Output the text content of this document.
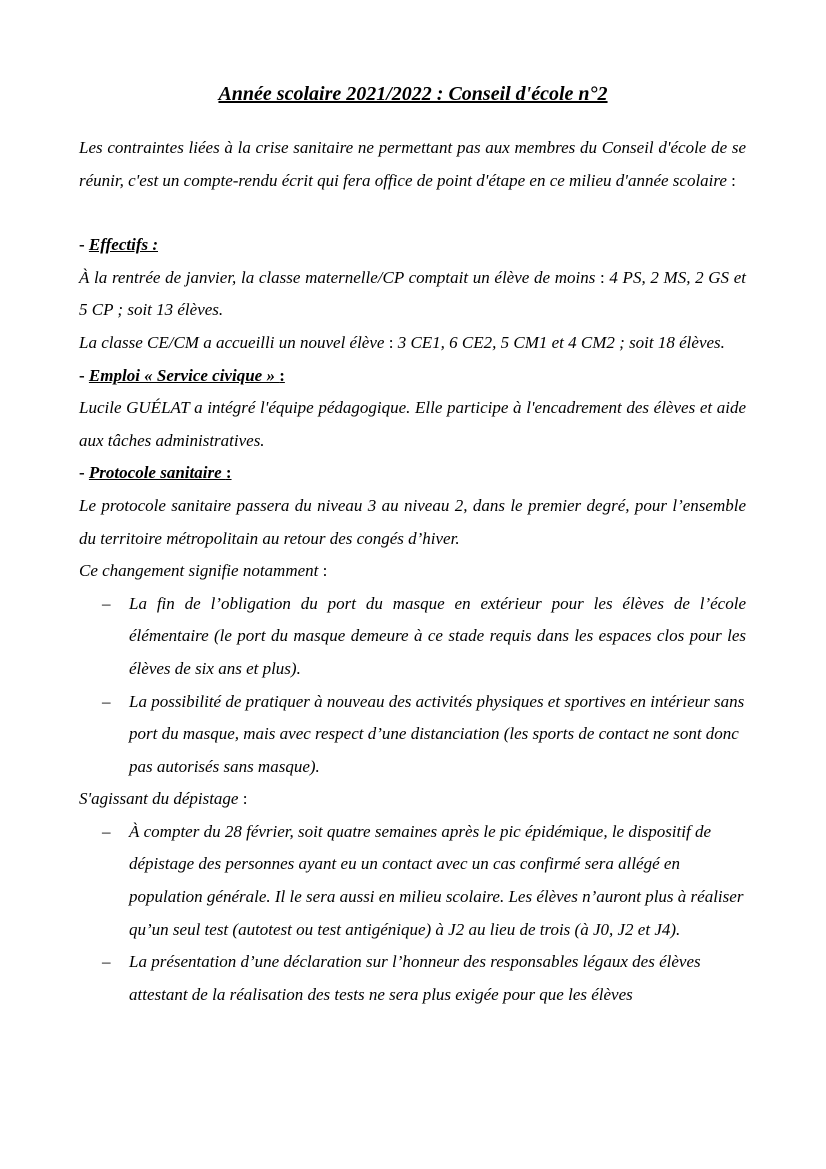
Année scolaire 2021/2022 : Conseil d'école n°2

Les contraintes liées à la crise sanitaire ne permettant pas aux membres du Conseil d'école de se réunir, c'est un compte-rendu écrit qui fera office de point d'étape en ce milieu d'année scolaire :

- Effectifs :

À la rentrée de janvier, la classe maternelle/CP comptait un élève de moins : 4 PS, 2 MS, 2 GS et 5 CP ; soit 13 élèves.

La classe CE/CM a accueilli un nouvel élève : 3 CE1, 6 CE2, 5 CM1 et 4 CM2 ; soit 18 élèves.

- Emploi « Service civique » :

Lucile GUÉLAT a intégré l'équipe pédagogique. Elle participe à l'encadrement des élèves et aide aux tâches administratives.

- Protocole sanitaire :

Le protocole sanitaire passera du niveau 3 au niveau 2, dans le premier degré, pour l’ensemble du territoire métropolitain au retour des congés d’hiver.

Ce changement signifie notamment :

– La fin de l’obligation du port du masque en extérieur pour les élèves de l’école élémentaire (le port du masque demeure à ce stade requis dans les espaces clos pour les élèves de six ans et plus).
– La possibilité de pratiquer à nouveau des activités physiques et sportives en intérieur sans port du masque, mais avec respect d’une distanciation (les sports de contact ne sont donc pas autorisés sans masque).

S'agissant du dépistage :

– À compter du 28 février, soit quatre semaines après le pic épidémique, le dispositif de dépistage des personnes ayant eu un contact avec un cas confirmé sera allégé en population générale. Il le sera aussi en milieu scolaire. Les élèves n’auront plus à réaliser qu’un seul test (autotest ou test antigénique) à J2 au lieu de trois (à J0, J2 et J4).
– La présentation d’une déclaration sur l’honneur des responsables légaux des élèves attestant de la réalisation des tests ne sera plus exigée pour que les élèves
